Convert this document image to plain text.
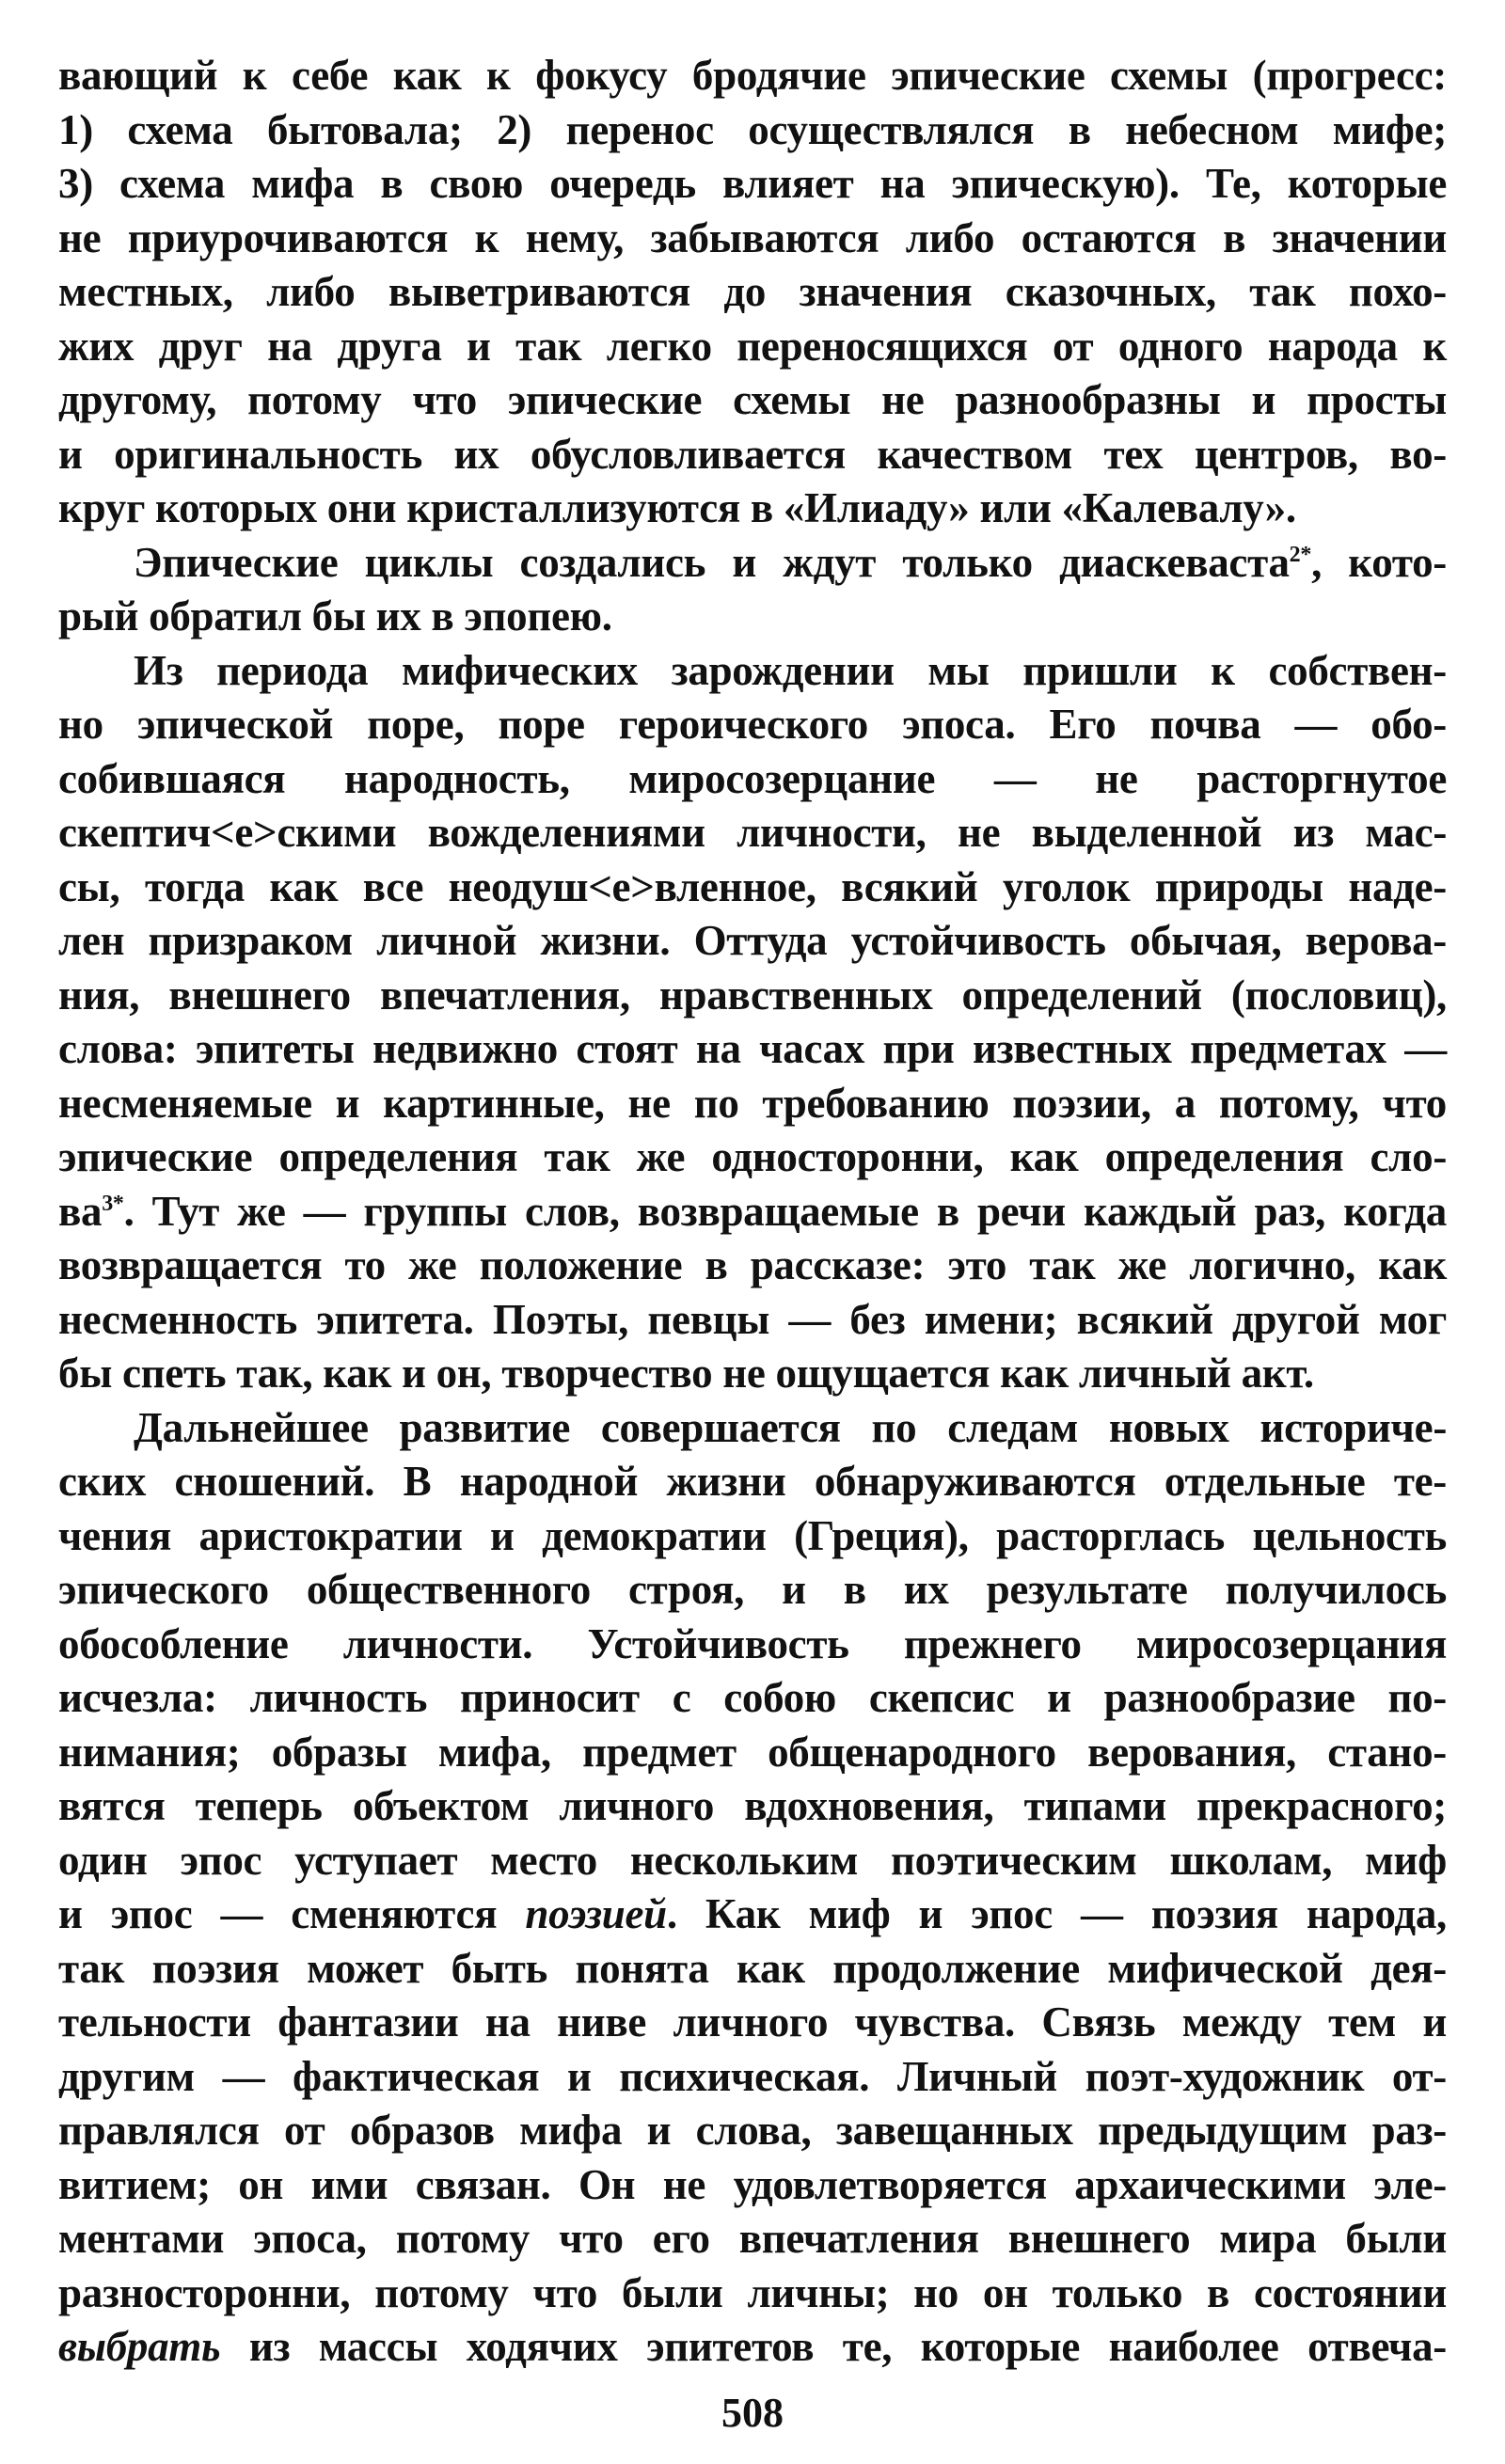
вающий к себе как к фокусу бродячие эпические схемы (прогресс:
1) схема бытовала; 2) перенос осуществлялся в небесном мифе;
3) схема мифа в свою очередь влияет на эпическую). Те, которые
не приурочиваются к нему, забываются либо остаются в значении
местных, либо выветриваются до значения сказочных, так похо-
жих друг на друга и так легко переносящихся от одного народа к
другому, потому что эпические схемы не разнообразны и просты
и оригинальность их обусловливается качеством тех центров, во-
круг которых они кристаллизуются в «Илиаду» или «Калевалу».
Эпические циклы создались и ждут только диаскеваста$^{2*}$, кото-
рый обратил бы их в эпопею.
Из периода мифических зарождении мы пришли к собствен-
но эпической поре, поре героического эпоса. Его почва — обо-
собившаяся народность, миросозерцание — не расторгнутое
скептич<е>скими вожделениями личности, не выделенной из мас-
сы, тогда как все неодуш<е>вленное, всякий уголок природы наде-
лен призраком личной жизни. Оттуда устойчивость обычая, верова-
ния, внешнего впечатления, нравственных определений (пословиц),
слова: эпитеты недвижно стоят на часах при известных предметах —
несменяемые и картинные, не по требованию поэзии, а потому, что
эпические определения так же односторонни, как определения сло-
ва$^{3*}$. Тут же — группы слов, возвращаемые в речи каждый раз, когда
возвращается то же положение в рассказе: это так же логично, как
несменность эпитета. Поэты, певцы — без имени; всякий другой мог
бы спеть так, как и он, творчество не ощущается как личный акт.
Дальнейшее развитие совершается по следам новых историче-
ских сношений. В народной жизни обнаруживаются отдельные те-
чения аристократии и демократии (Греция), расторглась цельность
эпического общественного строя, и в их результате получилось
обособление личности. Устойчивость прежнего миросозерцания
исчезла: личность приносит с собою скепсис и разнообразие по-
нимания; образы мифа, предмет общенародного верования, стано-
вятся теперь объектом личного вдохновения, типами прекрасного;
один эпос уступает место нескольким поэтическим школам, миф
и эпос — сменяются поэзией. Как миф и эпос — поэзия народа,
так поэзия может быть понята как продолжение мифической дея-
тельности фантазии на ниве личного чувства. Связь между тем и
другим — фактическая и психическая. Личный поэт-художник от-
правлялся от образов мифа и слова, завещанных предыдущим раз-
витием; он ими связан. Он не удовлетворяется архаическими эле-
ментами эпоса, потому что его впечатления внешнего мира были
разносторонни, потому что были личны; но он только в состоянии
выбрать из массы ходячих эпитетов те, которые наиболее отвеча-
508
